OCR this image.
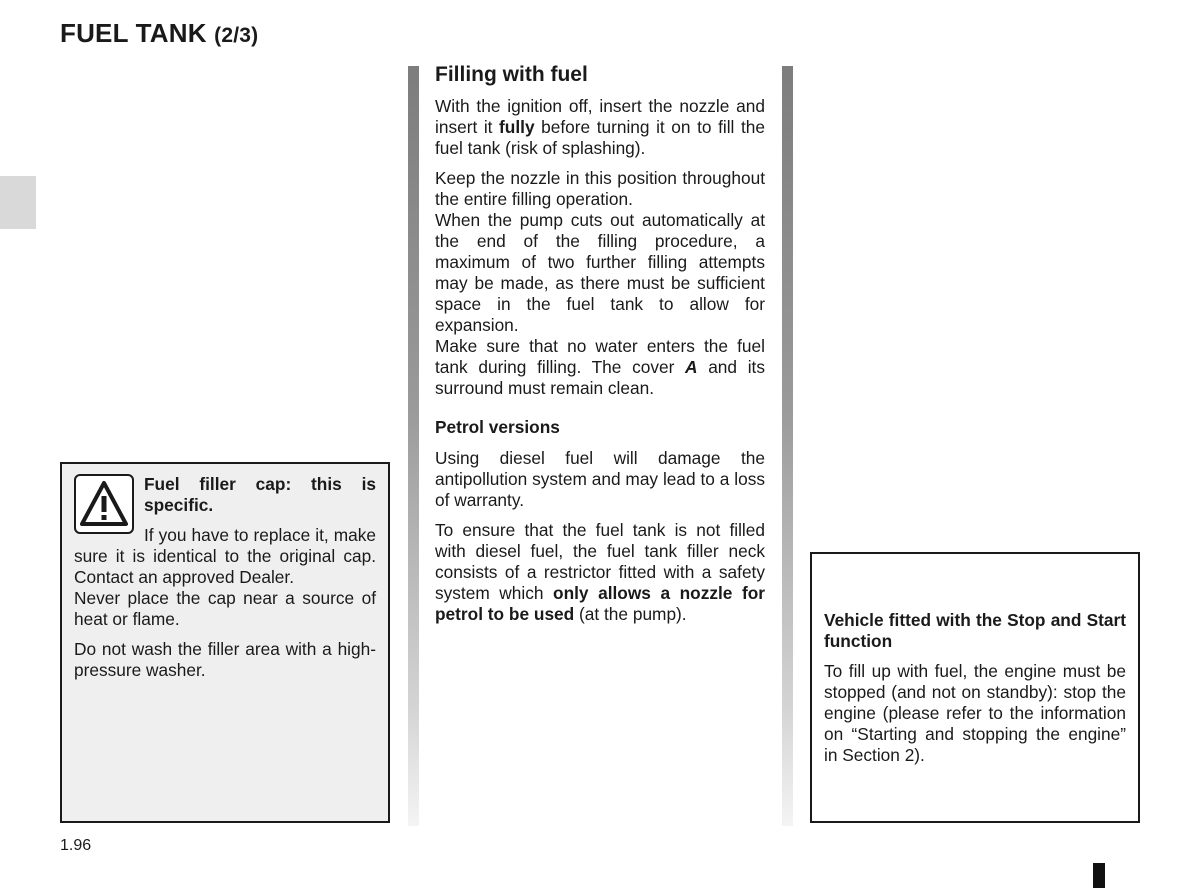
FUEL TANK (2/3)
Filling with fuel

With the ignition off, insert the nozzle and insert it fully before turning it on to fill the fuel tank (risk of splashing).

Keep the nozzle in this position throughout the entire filling operation.

When the pump cuts out automatically at the end of the filling procedure, a maximum of two further filling attempts may be made, as there must be sufficient space in the fuel tank to allow for expansion.

Make sure that no water enters the fuel tank during filling. The cover A and its surround must remain clean.

Petrol versions

Using diesel fuel will damage the antipollution system and may lead to a loss of warranty.

To ensure that the fuel tank is not filled with diesel fuel, the fuel tank filler neck consists of a restrictor fitted with a safety system which only allows a nozzle for petrol to be used (at the pump).

Fuel filler cap: this is specific.

If you have to replace it, make sure it is identical to the original cap. Contact an approved Dealer.

Never place the cap near a source of heat or flame.

Do not wash the filler area with a high-pressure washer.

Vehicle fitted with the Stop and Start function

To fill up with fuel, the engine must be stopped (and not on standby): stop the engine (please refer to the information on “Starting and stopping the engine” in Section 2).

1.96
